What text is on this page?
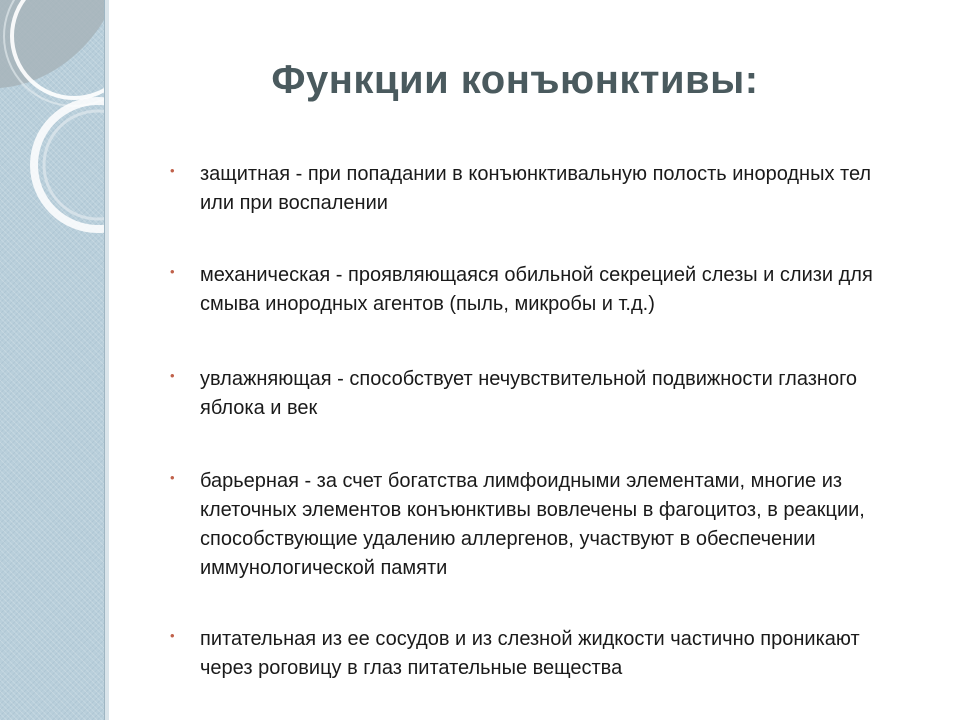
Функции конъюнктивы:
• защитная - при попадании в конъюнктивальную полость инородных тел или при воспалении
• механическая - проявляющаяся обильной секрецией слезы и слизи для смыва инородных агентов (пыль, микробы и т.д.)
• увлажняющая - способствует нечувствительной подвижности глазного яблока и век
• барьерная - за счет богатства лимфоидными элементами, многие из клеточных элементов конъюнктивы вовлечены в фагоцитоз, в реакции, способствующие удалению аллергенов, участвуют в обеспечении иммунологической памяти
• питательная из ее сосудов и из слезной жидкости частично проникают через роговицу в глаз питательные вещества
